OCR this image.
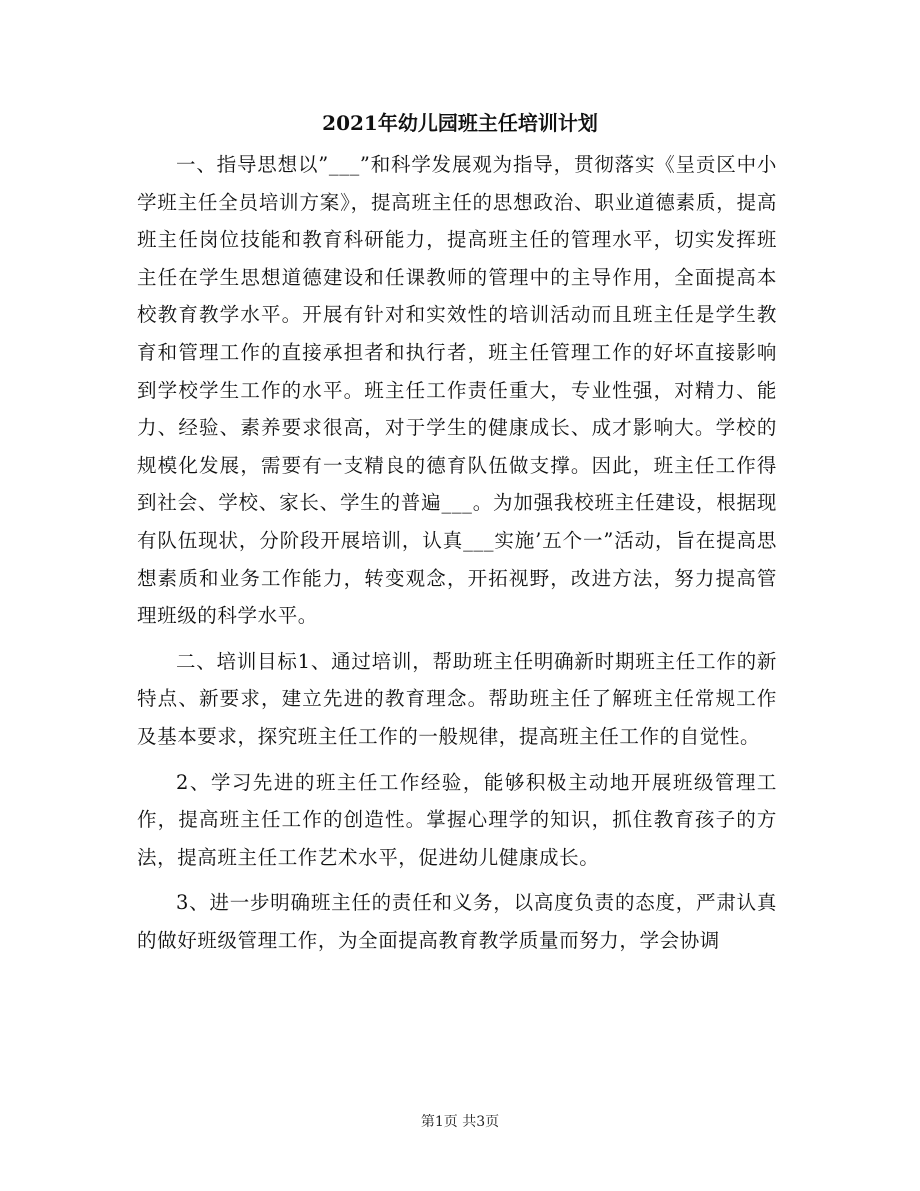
2021年幼儿园班主任培训计划

一、指导思想以”___”和科学发展观为指导，贯彻落实《呈贡区中小学班主任全员培训方案》，提高班主任的思想政治、职业道德素质，提高班主任岗位技能和教育科研能力，提高班主任的管理水平，切实发挥班主任在学生思想道德建设和任课教师的管理中的主导作用，全面提高本校教育教学水平。开展有针对和实效性的培训活动而且班主任是学生教育和管理工作的直接承担者和执行者，班主任管理工作的好坏直接影响到学校学生工作的水平。班主任工作责任重大，专业性强，对精力、能力、经验、素养要求很高，对于学生的健康成长、成才影响大。学校的规模化发展，需要有一支精良的德育队伍做支撑。因此，班主任工作得到社会、学校、家长、学生的普遍___。为加强我校班主任建设，根据现有队伍现状，分阶段开展培训，认真___实施’五个一”活动，旨在提高思想素质和业务工作能力，转变观念，开拓视野，改进方法，努力提高管理班级的科学水平。

二、培训目标1、通过培训，帮助班主任明确新时期班主任工作的新特点、新要求，建立先进的教育理念。帮助班主任了解班主任常规工作及基本要求，探究班主任工作的一般规律，提高班主任工作的自觉性。

2、学习先进的班主任工作经验，能够积极主动地开展班级管理工作，提高班主任工作的创造性。掌握心理学的知识，抓住教育孩子的方法，提高班主任工作艺术水平，促进幼儿健康成长。

3、进一步明确班主任的责任和义务，以高度负责的态度，严肃认真的做好班级管理工作，为全面提高教育教学质量而努力，学会协调

第1页 共3页
